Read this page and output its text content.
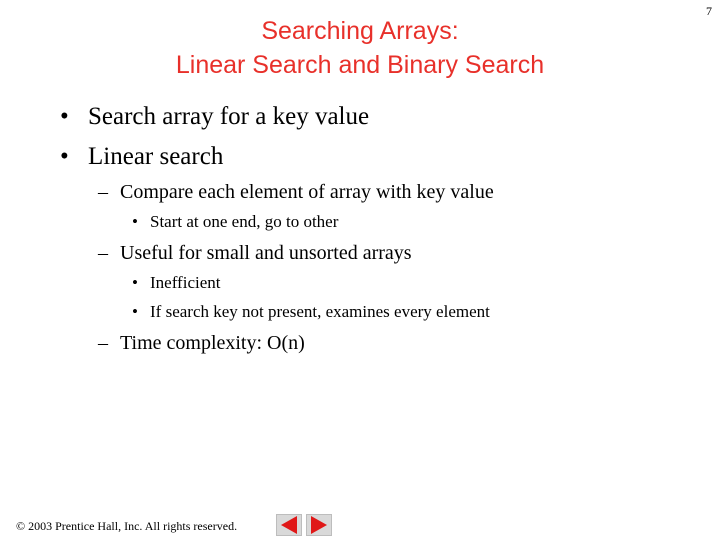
7
Searching Arrays:
Linear Search and Binary Search
• Search array for a key value
• Linear search
– Compare each element of array with key value
• Start at one end, go to other
– Useful for small and unsorted arrays
• Inefficient
• If search key not present, examines every element
– Time complexity: O(n)
© 2003 Prentice Hall, Inc. All rights reserved.
